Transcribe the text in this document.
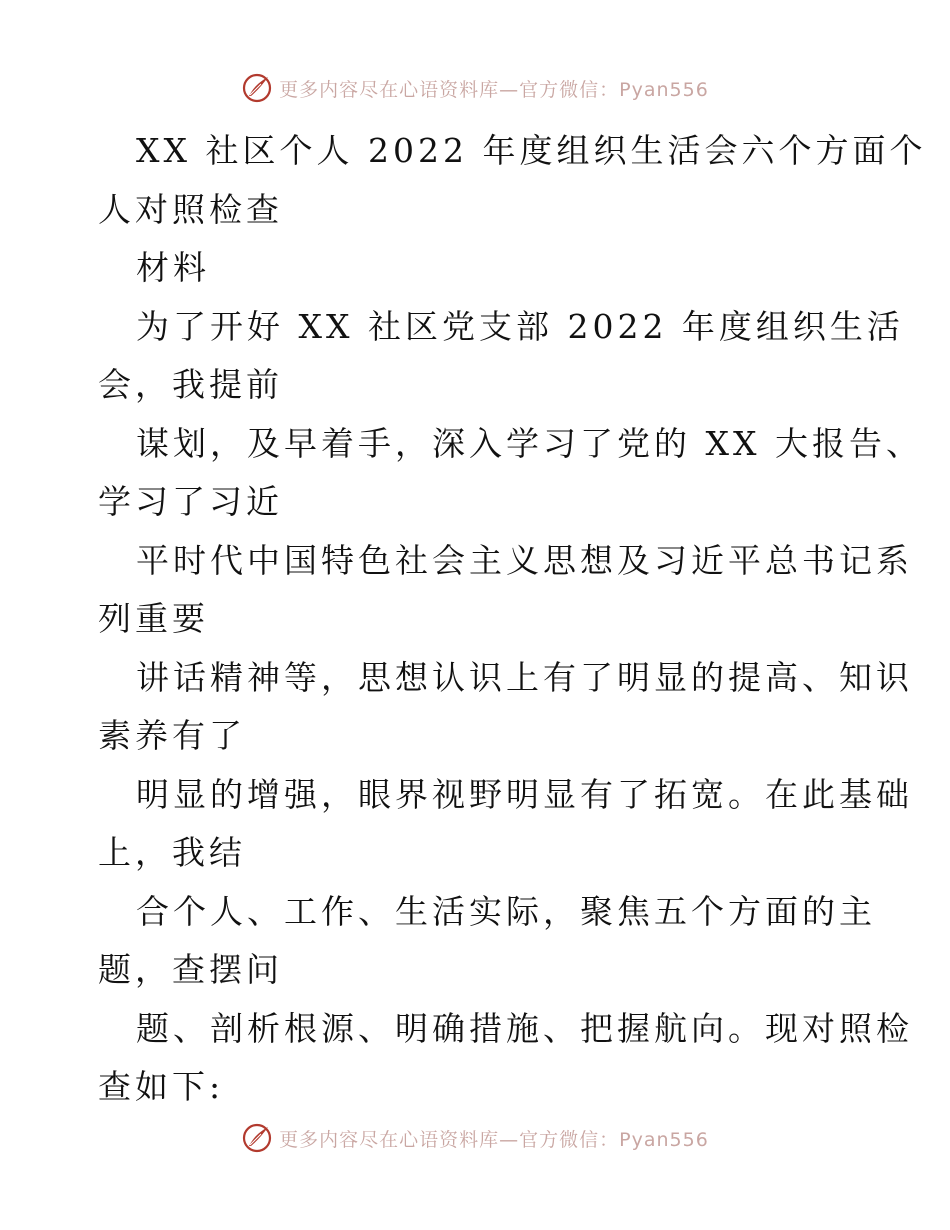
更多内容尽在心语资料库—官方微信：Pyan556
XX 社区个人 2022 年度组织生活会六个方面个
人对照检查
材料
为了开好 XX 社区党支部 2022 年度组织生活
会，我提前
谋划，及早着手，深入学习了党的 XX 大报告、
学习了习近
平时代中国特色社会主义思想及习近平总书记系
列重要
讲话精神等，思想认识上有了明显的提高、知识
素养有了
明显的增强，眼界视野明显有了拓宽。在此基础
上，我结
合个人、工作、生活实际，聚焦五个方面的主
题，查摆问
题、剖析根源、明确措施、把握航向。现对照检
查如下:
更多内容尽在心语资料库—官方微信：Pyan556
